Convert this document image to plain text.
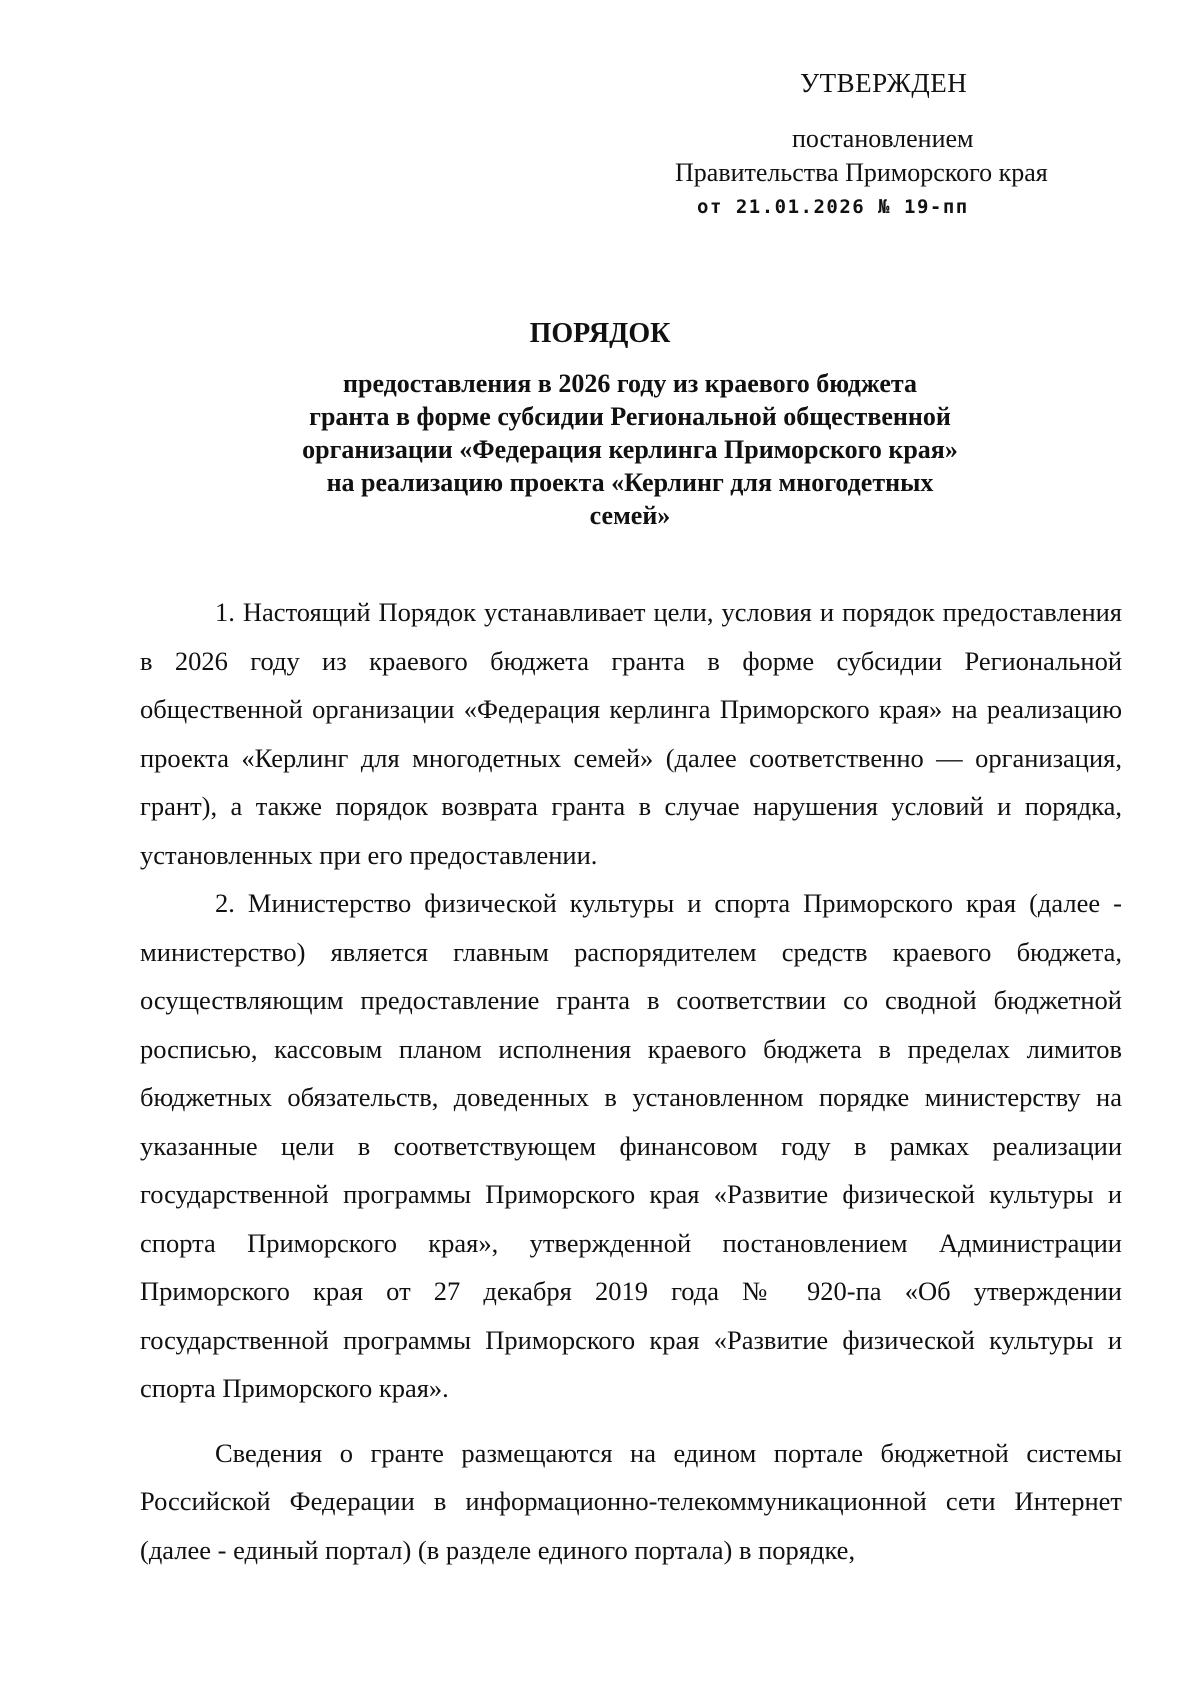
УТВЕРЖДЕН
постановлением
Правительства Приморского края
от 21.01.2026 № 19-пп
ПОРЯДОК
предоставления в 2026 году из краевого бюджета
гранта в форме субсидии Региональной общественной
организации «Федерация керлинга Приморского края»
на реализацию проекта «Керлинг для многодетных
семей»

1. Настоящий Порядок устанавливает цели, условия и порядок предоставления в 2026 году из краевого бюджета гранта в форме субсидии Региональной общественной организации «Федерация керлинга Приморского края» на реализацию проекта «Керлинг для многодетных семей» (далее соответственно — организация, грант), а также порядок возврата гранта в случае нарушения условий и порядка, установленных при его предоставлении.

2. Министерство физической культуры и спорта Приморского края (далее - министерство) является главным распорядителем средств краевого бюджета, осуществляющим предоставление гранта в соответствии со сводной бюджетной росписью, кассовым планом исполнения краевого бюджета в пределах лимитов бюджетных обязательств, доведенных в установленном порядке министерству на указанные цели в соответствующем финансовом году в рамках реализации государственной программы Приморского края «Развитие физической культуры и спорта Приморского края», утвержденной постановлением Администрации Приморского края от 27 декабря 2019 года № 920-па «Об утверждении государственной программы Приморского края «Развитие физической культуры и спорта Приморского края».

Сведения о гранте размещаются на едином портале бюджетной системы Российской Федерации в информационно-телекоммуникационной сети Интернет (далее - единый портал) (в разделе единого портала) в порядке,
